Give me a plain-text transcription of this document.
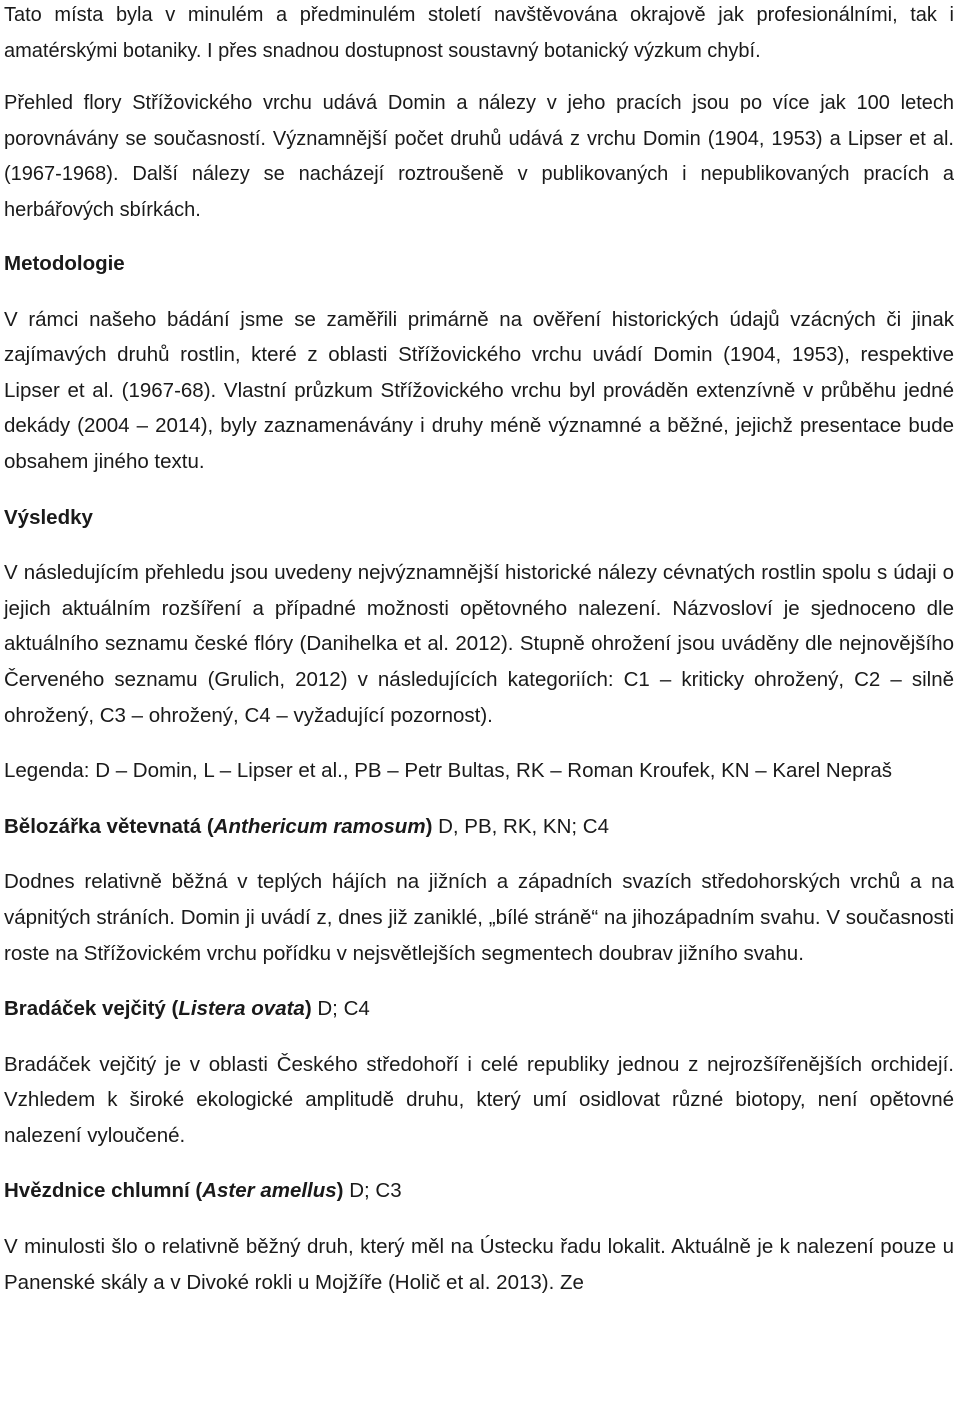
Tato místa byla v minulém a předminulém století navštěvována okrajově jak profesionálními, tak i amatérskými botaniky. I přes snadnou dostupnost soustavný botanický výzkum chybí.

Přehled flory Střížovického vrchu udává Domin a nálezy v jeho pracích jsou po více jak 100 letech porovnávány se současností. Významnější počet druhů udává z vrchu Domin (1904, 1953) a Lipser et al. (1967-1968). Další nálezy se nacházejí roztroušeně v publikovaných i nepublikovaných pracích a herbářových sbírkách.

Metodologie

V rámci našeho bádání jsme se zaměřili primárně na ověření historických údajů vzácných či jinak zajímavých druhů rostlin, které z oblasti Střížovického vrchu uvádí Domin (1904, 1953), respektive Lipser et al. (1967-68). Vlastní průzkum Střížovického vrchu byl prováděn extenzívně v průběhu jedné dekády (2004 – 2014), byly zaznamenávány i druhy méně významné a běžné, jejichž presentace bude obsahem jiného textu.

Výsledky

V následujícím přehledu jsou uvedeny nejvýznamnější historické nálezy cévnatých rostlin spolu s údaji o jejich aktuálním rozšíření a případné možnosti opětovného nalezení. Názvosloví je sjednoceno dle aktuálního seznamu české flóry (Danihelka et al. 2012). Stupně ohrožení jsou uváděny dle nejnovějšího Červeného seznamu (Grulich, 2012) v následujících kategoriích: C1 – kriticky ohrožený, C2 – silně ohrožený, C3 – ohrožený, C4 – vyžadující pozornost).

Legenda: D – Domin, L – Lipser et al., PB – Petr Bultas, RK – Roman Kroufek, KN – Karel Nepraš

Bělozářka větevnatá (Anthericum ramosum) D, PB, RK, KN; C4

Dodnes relativně běžná v teplých hájích na jižních a západních svazích středohorských vrchů a na vápnitých stráních. Domin ji uvádí z, dnes již zaniklé, „bílé stráně“ na jihozápadním svahu. V současnosti roste na Střížovickém vrchu pořídku v nejsvětlejších segmentech doubrav jižního svahu.

Bradáček vejčitý (Listera ovata) D; C4

Bradáček vejčitý je v oblasti Českého středohoří i celé republiky jednou z nejrozšířenějších orchidejí. Vzhledem k široké ekologické amplitudě druhu, který umí osidlovat různé biotopy, není opětovné nalezení vyloučené.

Hvězdnice chlumní (Aster amellus) D; C3

V minulosti šlo o relativně běžný druh, který měl na Ústecku řadu lokalit. Aktuálně je k nalezení pouze u Panenské skály a v Divoké rokli u Mojžíře (Holič et al. 2013). Ze
